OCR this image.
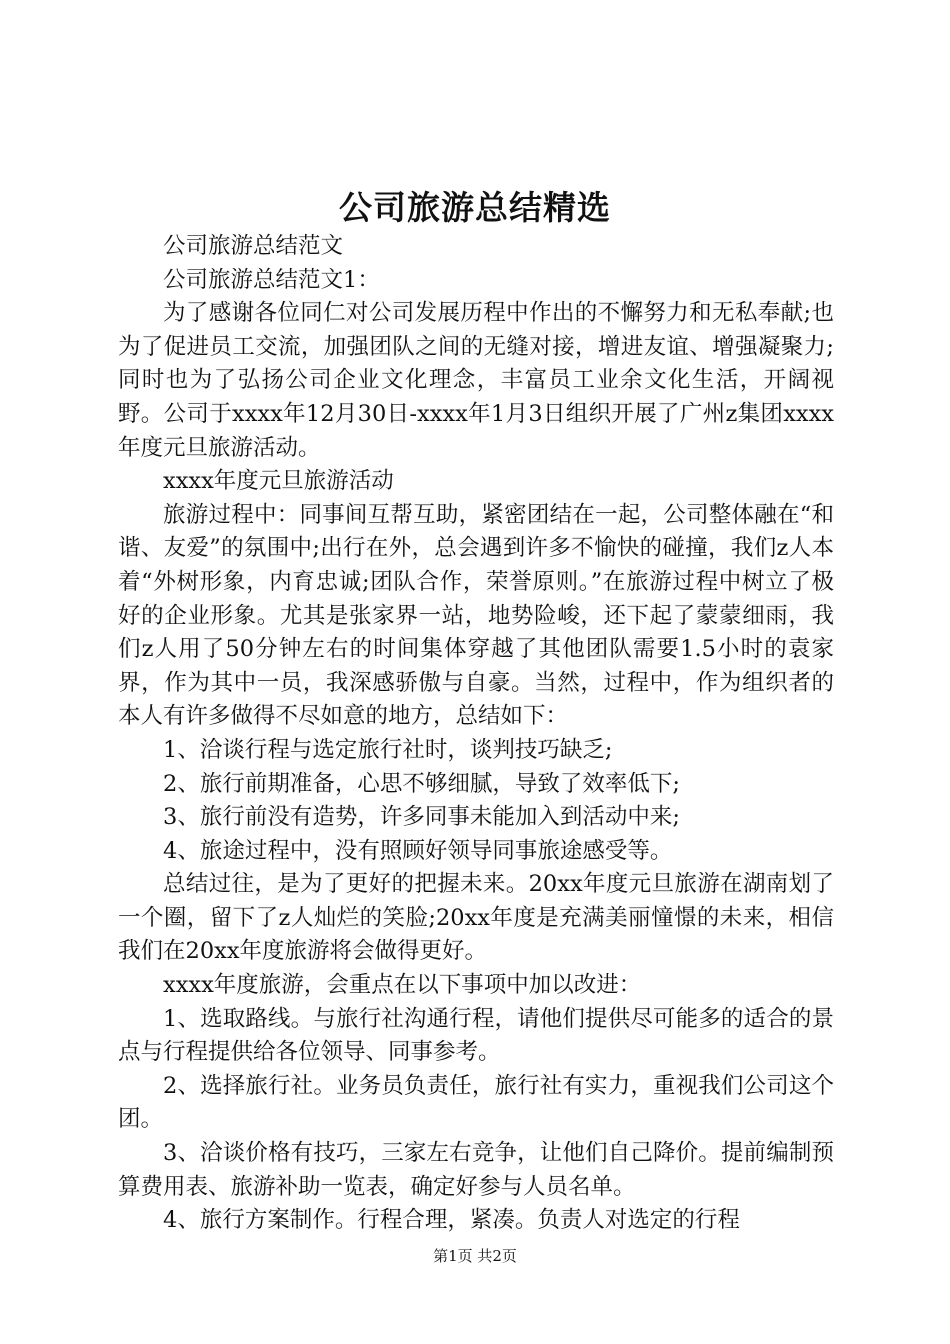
公司旅游总结精选

公司旅游总结范文

公司旅游总结范文1：

为了感谢各位同仁对公司发展历程中作出的不懈努力和无私奉献;也为了促进员工交流，加强团队之间的无缝对接，增进友谊、增强凝聚力;同时也为了弘扬公司企业文化理念，丰富员工业余文化生活，开阔视野。公司于xxxx年12月30日-xxxx年1月3日组织开展了广州z集团xxxx年度元旦旅游活动。

xxxx年度元旦旅游活动

旅游过程中：同事间互帮互助，紧密团结在一起，公司整体融在“和谐、友爱”的氛围中;出行在外，总会遇到许多不愉快的碰撞，我们z人本着“外树形象，内育忠诚;团队合作，荣誉原则。”在旅游过程中树立了极好的企业形象。尤其是张家界一站，地势险峻，还下起了蒙蒙细雨，我们z人用了50分钟左右的时间集体穿越了其他团队需要1.5小时的袁家界，作为其中一员，我深感骄傲与自豪。当然，过程中，作为组织者的本人有许多做得不尽如意的地方，总结如下：

1、洽谈行程与选定旅行社时，谈判技巧缺乏;

2、旅行前期准备，心思不够细腻，导致了效率低下;

3、旅行前没有造势，许多同事未能加入到活动中来;

4、旅途过程中，没有照顾好领导同事旅途感受等。

总结过往，是为了更好的把握未来。20xx年度元旦旅游在湖南划了一个圈，留下了z人灿烂的笑脸;20xx年度是充满美丽憧憬的未来，相信我们在20xx年度旅游将会做得更好。

xxxx年度旅游，会重点在以下事项中加以改进：

1、选取路线。与旅行社沟通行程，请他们提供尽可能多的适合的景点与行程提供给各位领导、同事参考。

2、选择旅行社。业务员负责任，旅行社有实力，重视我们公司这个团。

3、洽谈价格有技巧，三家左右竞争，让他们自己降价。提前编制预算费用表、旅游补助一览表，确定好参与人员名单。

4、旅行方案制作。行程合理，紧凑。负责人对选定的行程

第1页 共2页
